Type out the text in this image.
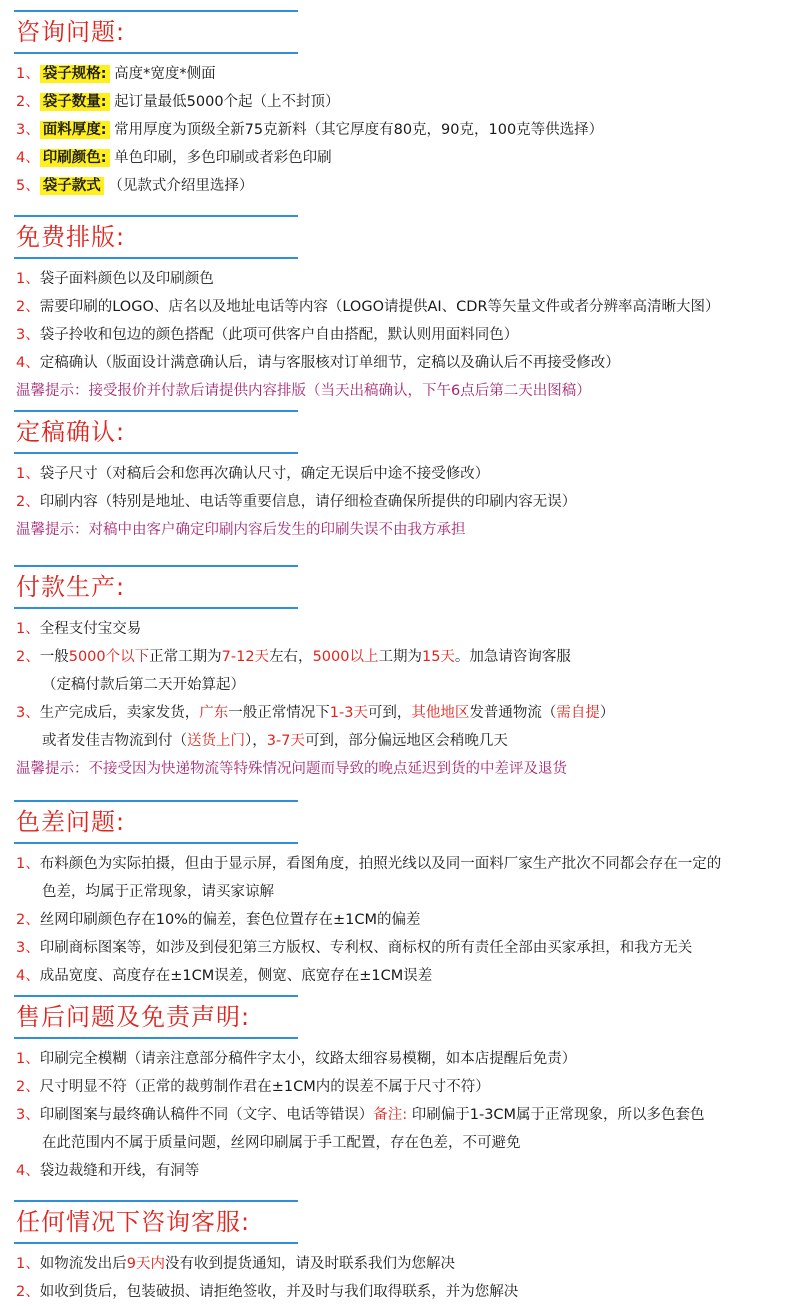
咨询问题:
1、 袋子规格: 高度*宽度*侧面
2、 袋子数量: 起订量最低5000个起（上不封顶）
3、 面料厚度: 常用厚度为顶级全新75克新料（其它厚度有80克，90克，100克等供选择）
4、 印刷颜色: 单色印刷，多色印刷或者彩色印刷
5、 袋子款式 （见款式介绍里选择）
免费排版:
1、袋子面料颜色以及印刷颜色
2、需要印刷的LOGO、店名以及地址电话等内容（LOGO请提供AI、CDR等矢量文件或者分辨率高清晰大图）
3、袋子拎收和包边的颜色搭配（此项可供客户自由搭配，默认则用面料同色）
4、定稿确认（版面设计满意确认后，请与客服核对订单细节，定稿以及确认后不再接受修改）
温馨提示：接受报价并付款后请提供内容排版（当天出稿确认，下午6点后第二天出图稿）
定稿确认:
1、袋子尺寸（对稿后会和您再次确认尺寸，确定无误后中途不接受修改）
2、印刷内容（特别是地址、电话等重要信息，请仔细检查确保所提供的印刷内容无误）
温馨提示：对稿中由客户确定印刷内容后发生的印刷失误不由我方承担
付款生产:
1、全程支付宝交易
2、一般5000个以下正常工期为7-12天左右，5000以上工期为15天。加急请咨询客服
（定稿付款后第二天开始算起）
3、生产完成后，卖家发货，广东一般正常情况下1-3天可到，其他地区发普通物流（需自提）
或者发佳吉物流到付（送货上门），3-7天可到，部分偏远地区会稍晚几天
温馨提示：不接受因为快递物流等特殊情况问题而导致的晚点延迟到货的中差评及退货
色差问题:
1、布料颜色为实际拍摄，但由于显示屏，看图角度，拍照光线以及同一面料厂家生产批次不同都会存在一定的
色差，均属于正常现象，请买家谅解
2、丝网印刷颜色存在10%的偏差，套色位置存在±1CM的偏差
3、印刷商标图案等，如涉及到侵犯第三方版权、专利权、商标权的所有责任全部由买家承担，和我方无关
4、成品宽度、高度存在±1CM误差，侧宽、底宽存在±1CM误差
售后问题及免责声明:
1、印刷完全模糊（请亲注意部分稿件字太小，纹路太细容易模糊，如本店提醒后免责）
2、尺寸明显不符（正常的裁剪制作君在±1CM内的误差不属于尺寸不符）
3、印刷图案与最终确认稿件不同（文字、电话等错误）备注: 印刷偏于1-3CM属于正常现象，所以多色套色
在此范围内不属于质量问题，丝网印刷属于手工配置，存在色差，不可避免
4、袋边裁缝和开线，有洞等
任何情况下咨询客服:
1、如物流发出后9天内没有收到提货通知，请及时联系我们为您解决
2、如收到货后，包装破损、请拒绝签收，并及时与我们取得联系，并为您解决
